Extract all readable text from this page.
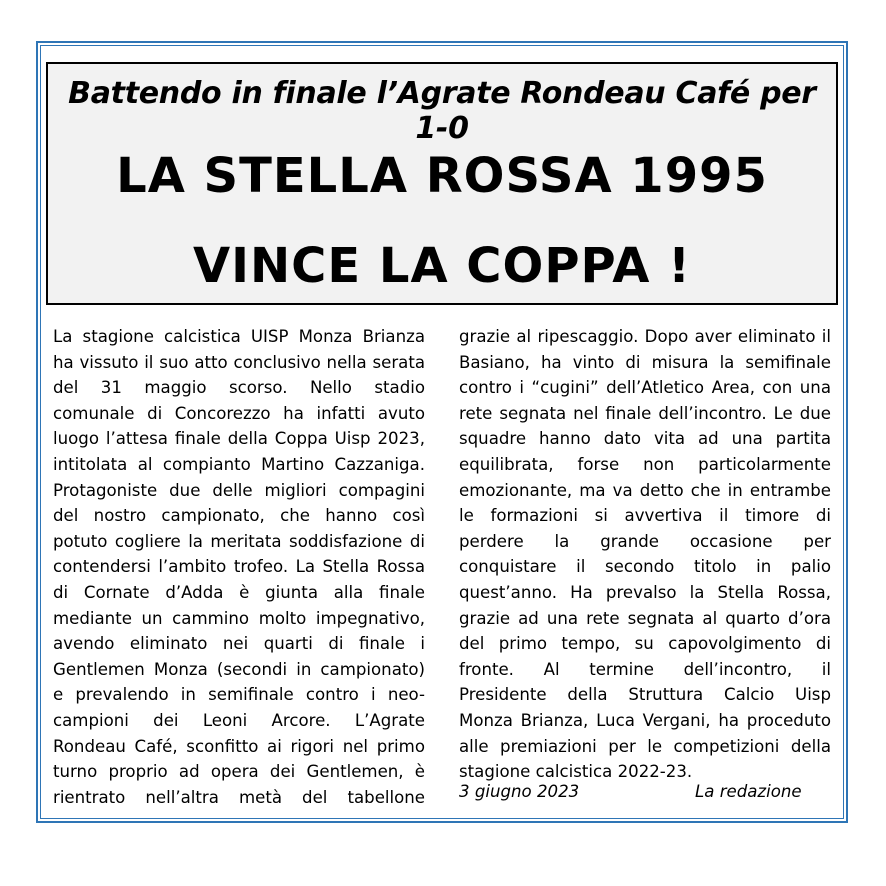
Battendo in finale l’Agrate Rondeau Café per 1-0
LA STELLA ROSSA 1995
VINCE LA COPPA !
La stagione calcistica UISP Monza Brianza
ha vissuto il suo atto conclusivo nella serata
del 31 maggio scorso. Nello stadio
comunale di Concorezzo ha infatti avuto
luogo l’attesa finale della Coppa Uisp 2023,
intitolata al compianto Martino Cazzaniga.
Protagoniste due delle migliori compagini
del nostro campionato, che hanno così
potuto cogliere la meritata soddisfazione di
contendersi l’ambito trofeo. La Stella Rossa
di Cornate d’Adda è giunta alla finale
mediante un cammino molto impegnativo,
avendo eliminato nei quarti di finale i
Gentlemen Monza (secondi in campionato)
e prevalendo in semifinale contro i neo-
campioni dei Leoni Arcore. L’Agrate
Rondeau Café, sconfitto ai rigori nel primo
turno proprio ad opera dei Gentlemen, è
rientrato nell’altra metà del tabellone
grazie al ripescaggio. Dopo aver eliminato il
Basiano, ha vinto di misura la semifinale
contro i “cugini” dell’Atletico Area, con una
rete segnata nel finale dell’incontro. Le due
squadre hanno dato vita ad una partita
equilibrata, forse non particolarmente
emozionante, ma va detto che in entrambe
le formazioni si avvertiva il timore di
perdere la grande occasione per
conquistare il secondo titolo in palio
quest’anno. Ha prevalso la Stella Rossa,
grazie ad una rete segnata al quarto d’ora
del primo tempo, su capovolgimento di
fronte. Al termine dell’incontro, il
Presidente della Struttura Calcio Uisp
Monza Brianza, Luca Vergani, ha proceduto
alle premiazioni per le competizioni della
stagione calcistica 2022-23.
3 giugno 2023	La redazione
